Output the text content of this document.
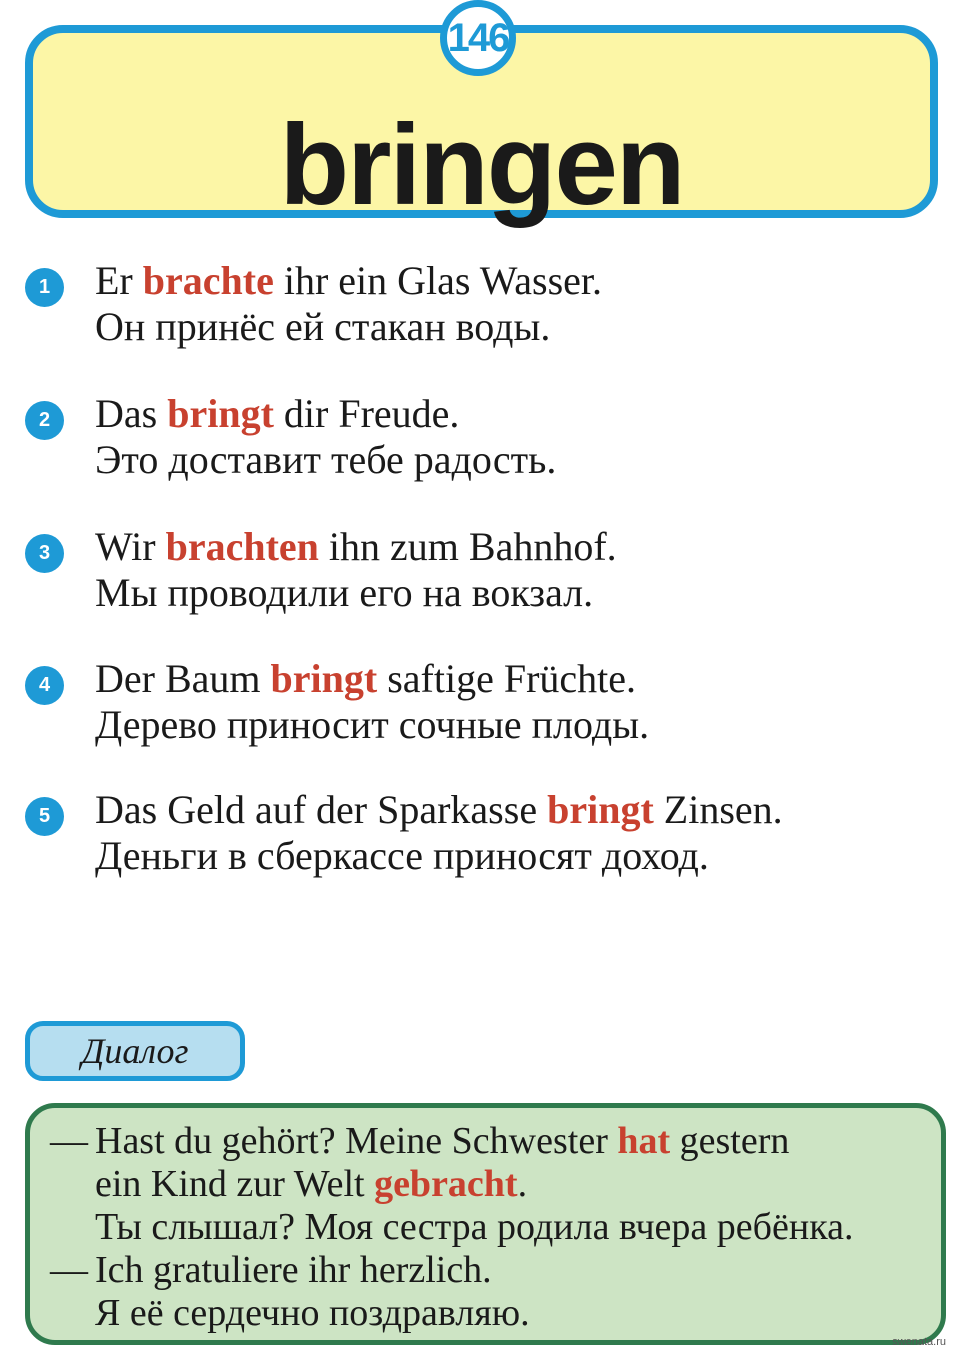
bringen
146
1	Er brachte ihr ein Glas Wasser.
Он принёс ей стакан воды.
2	Das bringt dir Freude.
Это доставит тебе радость.
3	Wir brachten ihn zum Bahnhof.
Мы проводили его на вокзал.
4	Der Baum bringt saftige Früchte.
Дерево приносит сочные плоды.
5	Das Geld auf der Sparkasse bringt Zinsen.
Деньги в сберкассе приносят доход.
Диалог
— Hast du gehört? Meine Schwester hat gestern
ein Kind zur Welt gebracht.
Ты слышал? Моя сестра родила вчера ребёнка.
— Ich gratuliere ihr herzlich.
Я её сердечно поздравляю.
swenata.ru
